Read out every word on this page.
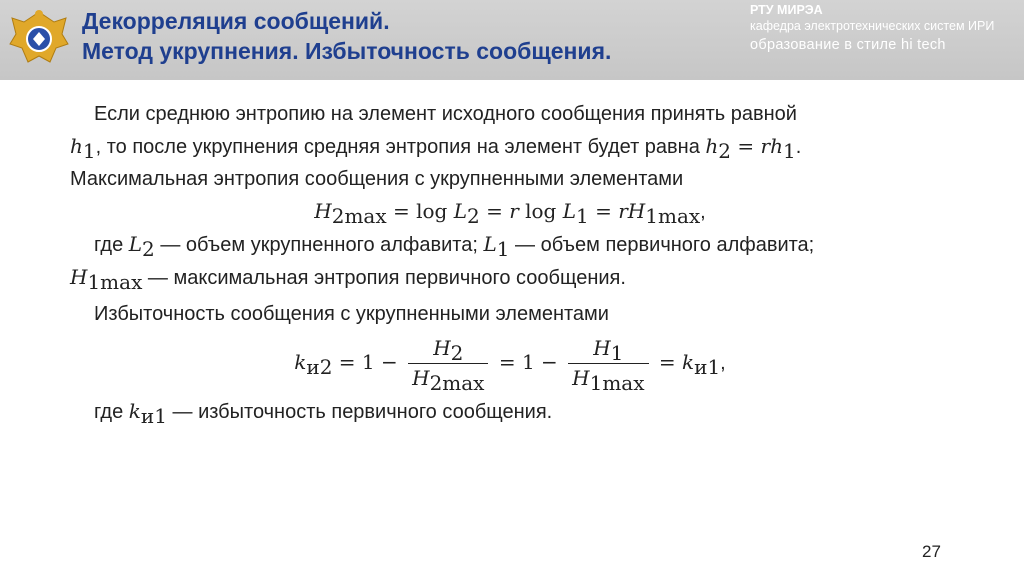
Декорреляция сообщений.
Метод укрупнения. Избыточность сообщения.
РТУ МИРЭА
кафедра электротехнических систем ИРИ
образование в стиле hi tech

Если среднюю энтропию на элемент исходного сообщения принять равной
$h_1$, то после укрупнения средняя энтропия на элемент будет равна $h_2 = rh_1$.
Максимальная энтропия сообщения с укрупненными элементами

$H_{2max} = \log L_2 = r$ $\log L_1 = rH_{1max}$,

где $L_2$ — объем укрупненного алфавита; $L_1$ — объем первичного алфавита;
$H_{1max}$ — максимальная энтропия первичного сообщения.

Избыточность сообщения с укрупненными элементами

$k_{и2} = 1 - \frac{H_2}{H_{2max}} = 1 - \frac{H_1}{H_{1max}} = k_{и1}$,

где $k_{и1}$ — избыточность первичного сообщения.

27
